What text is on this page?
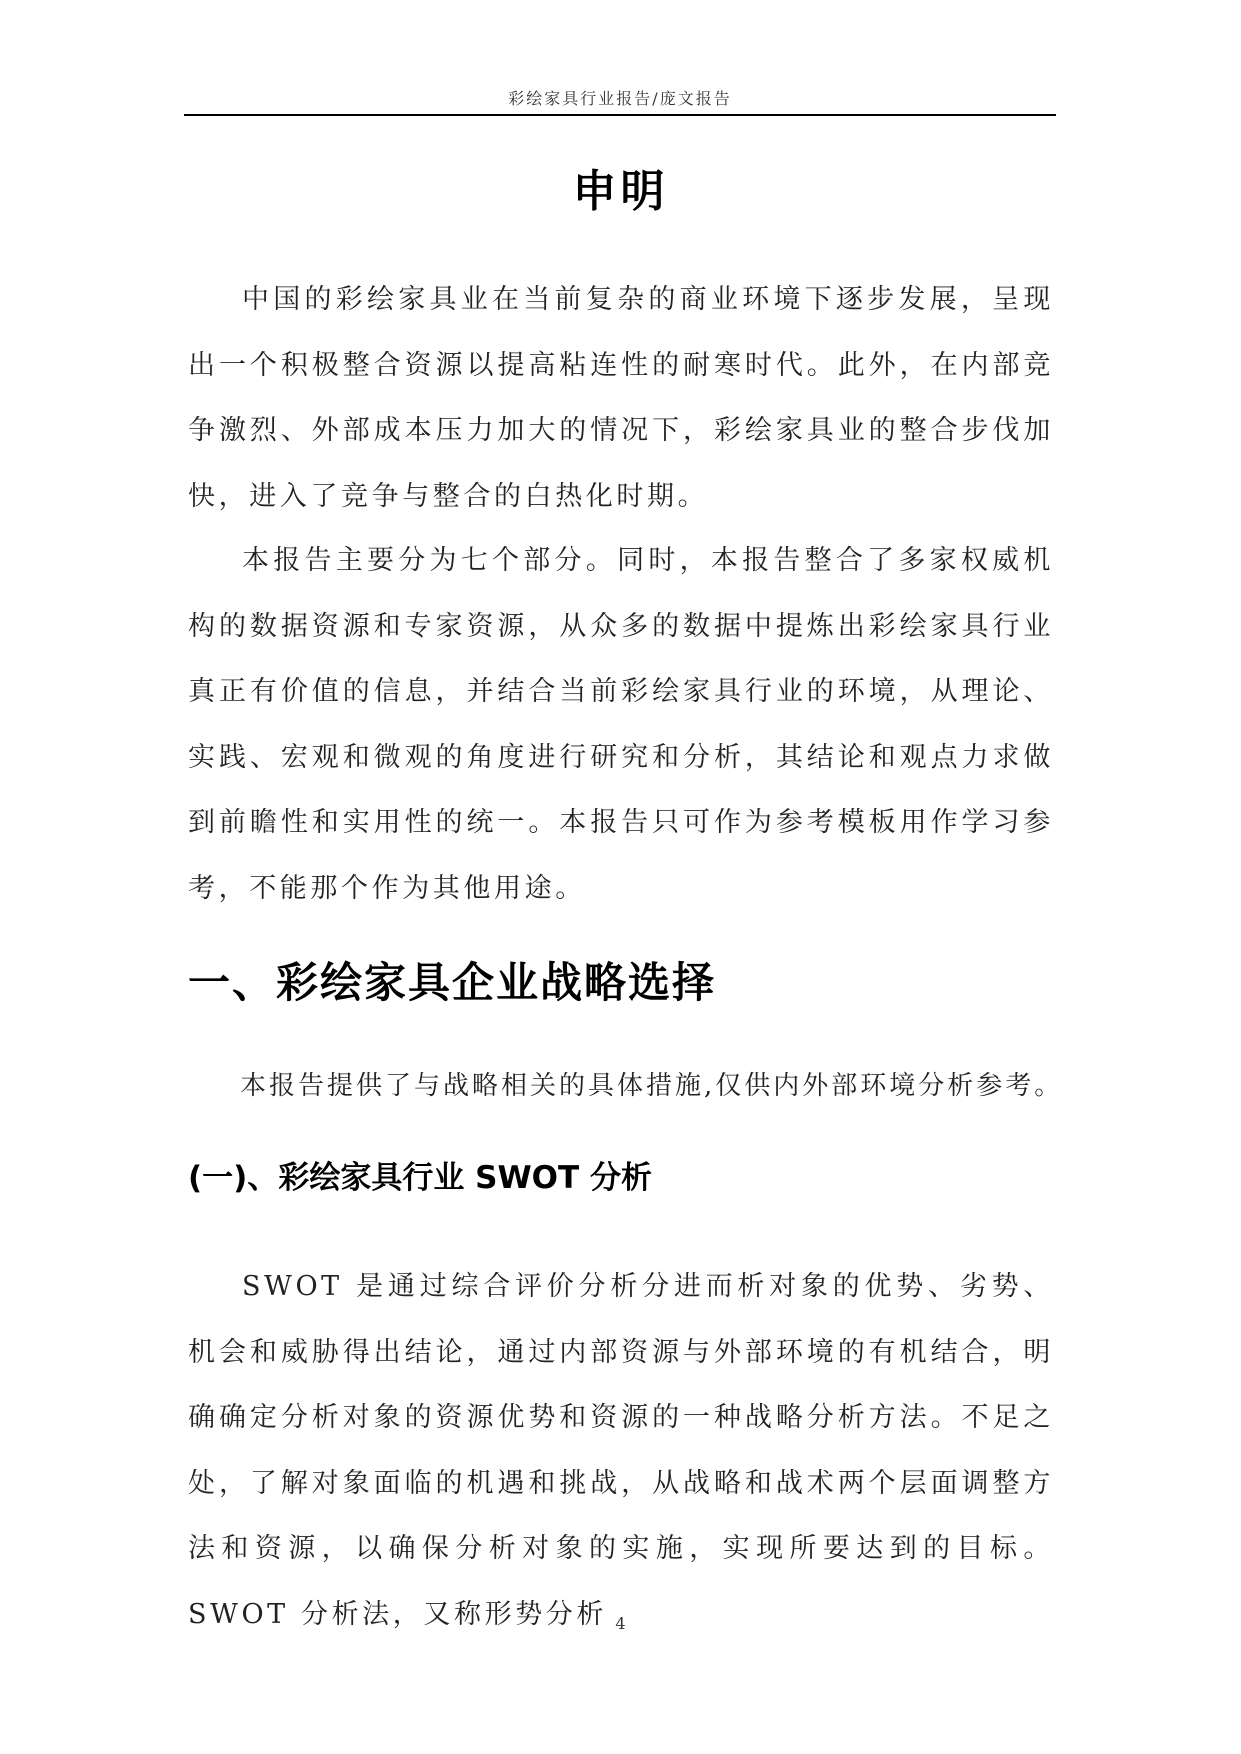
彩绘家具行业报告/庞文报告
申明

中国的彩绘家具业在当前复杂的商业环境下逐步发展，呈现出一个积极整合资源以提高粘连性的耐寒时代。此外，在内部竞争激烈、外部成本压力加大的情况下，彩绘家具业的整合步伐加快，进入了竞争与整合的白热化时期。

本报告主要分为七个部分。同时，本报告整合了多家权威机构的数据资源和专家资源，从众多的数据中提炼出彩绘家具行业真正有价值的信息，并结合当前彩绘家具行业的环境，从理论、实践、宏观和微观的角度进行研究和分析，其结论和观点力求做到前瞻性和实用性的统一。本报告只可作为参考模板用作学习参考，不能那个作为其他用途。

一、彩绘家具企业战略选择

本报告提供了与战略相关的具体措施,仅供内外部环境分析参考。

(一)、彩绘家具行业 SWOT 分析

SWOT 是通过综合评价分析分进而析对象的优势、劣势、机会和威胁得出结论，通过内部资源与外部环境的有机结合，明确确定分析对象的资源优势和资源的一种战略分析方法。不足之处，了解对象面临的机遇和挑战，从战略和战术两个层面调整方法和资源，以确保分析对象的实施，实现所要达到的目标。 SWOT 分析法，又称形势分析 4
